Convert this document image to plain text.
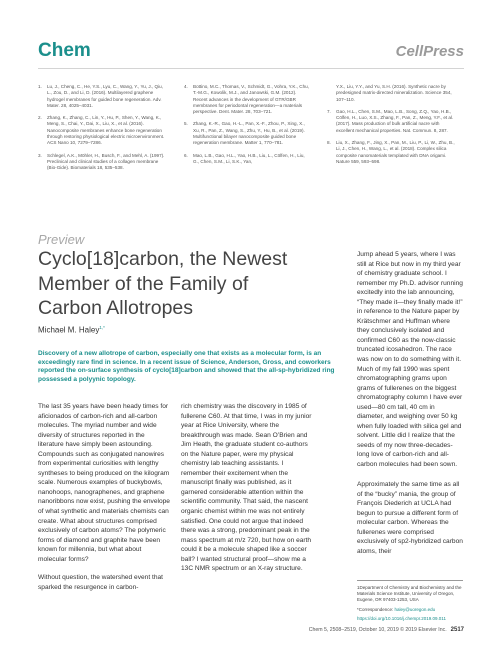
Chem	CellPress
1. Lu, J., Cheng, C., He, Y.S., Lyu, C., Wang, Y., Yu, J., Qiu, L., Zou, D., and Li, D. (2016). Multilayered graphene hydrogel membranes for guided bone regeneration. Adv. Mater. 28, 4025–4031.
2. Zhang, K., Zhang, C., Lin, Y., Hu, P., Shen, Y., Wang, K., Meng, S., Chai, Y., Dai, X., Liu, X., et al. (2016). Nanocomposite membranes enhance bone regeneration through restoring physiological electric microenvironment. ACS Nano 10, 7279–7286.
3. Schlegel, A.K., Möhler, H., Busch, F., and Mehl, A. (1997). Preclinical and clinical studies of a collagen membrane (Bio-Gide). Biomaterials 18, 535–538.
4. Bottino, M.C., Thomas, V., Schmidt, G., Vohra, Y.K., Chu, T.-M.G., Kowolik, M.J., and Janowski, G.M. (2012). Recent advances in the development of GTR/GBR membranes for periodontal regeneration—a materials perspective. Dent. Mater. 28, 703–721.
5. Zhang, K.-R., Gao, H.-L., Pan, X.-F., Zhou, P., Xing, X., Xu, R., Pan, Z., Wang, S., Zhu, Y., Hu, B., et al. (2019). Multifunctional bilayer nanocomposite guided bone regeneration membrane. Matter 1, 770–781.
6. Mao, L.B., Gao, H.L., Yao, H.B., Liu, L., Cölfen, H., Liu, G., Chen, S.M., Li, S.K., Yan,
Y.X., Liu, Y.Y., and Yu, S.H. (2016). Synthetic nacre by predesigned matrix-directed mineralization. Science 354, 107–110.
7. Gao, H.L., Chen, S.M., Mao, L.B., Song, Z.Q., Yao, H.B., Cölfen, H., Luo, X.S., Zhang, F., Pan, Z., Meng, Y.F., et al. (2017). Mass production of bulk artificial nacre with excellent mechanical properties. Nat. Commun. 8, 287.
8. Liu, X., Zhang, F., Jing, X., Pan, M., Liu, P., Li, W., Zhu, B., Li, J., Chen, H., Wang, L., et al. (2018). Complex silica composite nanomaterials templated with DNA origami. Nature 559, 593–598.
Preview
Cyclo[18]carbon, the Newest Member of the Family of Carbon Allotropes
Michael M. Haley$^{1,*}$
Discovery of a new allotrope of carbon, especially one that exists as a molecular form, is an exceedingly rare find in science. In a recent issue of Science, Anderson, Gross, and coworkers reported the on-surface synthesis of cyclo[18]carbon and showed that the all-sp-hybridized ring possessed a polyynic topology.

The last 35 years have been heady times for aficionados of carbon-rich and all-carbon molecules. The myriad number and wide diversity of structures reported in the literature have simply been astounding. Compounds such as conjugated nanowires from experimental curiosities with lengthy syntheses to being produced on the kilogram scale. Numerous examples of buckybowls, nanohoops, nanographenes, and graphene nanoribbons now exist, pushing the envelope of what synthetic and materials chemists can create. What about structures comprised exclusively of carbon atoms? The polymeric forms of diamond and graphite have been known for millennia, but what about molecular forms?

Without question, the watershed event that sparked the resurgence in carbon-

rich chemistry was the discovery in 1985 of fullerene C60. At that time, I was in my junior year at Rice University, where the breakthrough was made. Sean O’Brien and Jim Heath, the graduate student co-authors on the Nature paper, were my physical chemistry lab teaching assistants. I remember their excitement when the manuscript finally was published, as it garnered considerable attention within the scientific community. That said, the nascent organic chemist within me was not entirely satisfied. One could not argue that indeed there was a strong, predominant peak in the mass spectrum at m/z 720, but how on earth could it be a molecule shaped like a soccer ball? I wanted structural proof—show me a 13C NMR spectrum or an X-ray structure.

Jump ahead 5 years, where I was still at Rice but now in my third year of chemistry graduate school. I remember my Ph.D. advisor running excitedly into the lab announcing, “They made it—they finally made it!” in reference to the Nature paper by Krätschmer and Huffman where they conclusively isolated and confirmed C60 as the now-classic truncated icosahedron. The race was now on to do something with it. Much of my fall 1990 was spent chromatographing grams upon grams of fullerenes on the biggest chromatography column I have ever used—80 cm tall, 40 cm in diameter, and weighing over 50 kg when fully loaded with silica gel and solvent. Little did I realize that the seeds of my now three-decades-long love of carbon-rich and all-carbon molecules had been sown.

Approximately the same time as all of the “bucky” mania, the group of François Diederich at UCLA had begun to pursue a different form of molecular carbon. Whereas the fullerenes were comprised exclusively of sp2-hybridized carbon atoms, their

1Department of Chemistry and Biochemistry and the Materials Science Institute, University of Oregon, Eugene, OR 97403-1253, USA
*Correspondence: haley@uoregon.edu
https://doi.org/10.1016/j.chempr.2019.09.011
Chem 5, 2508–2519, October 10, 2019 © 2019 Elsevier Inc. 2517
